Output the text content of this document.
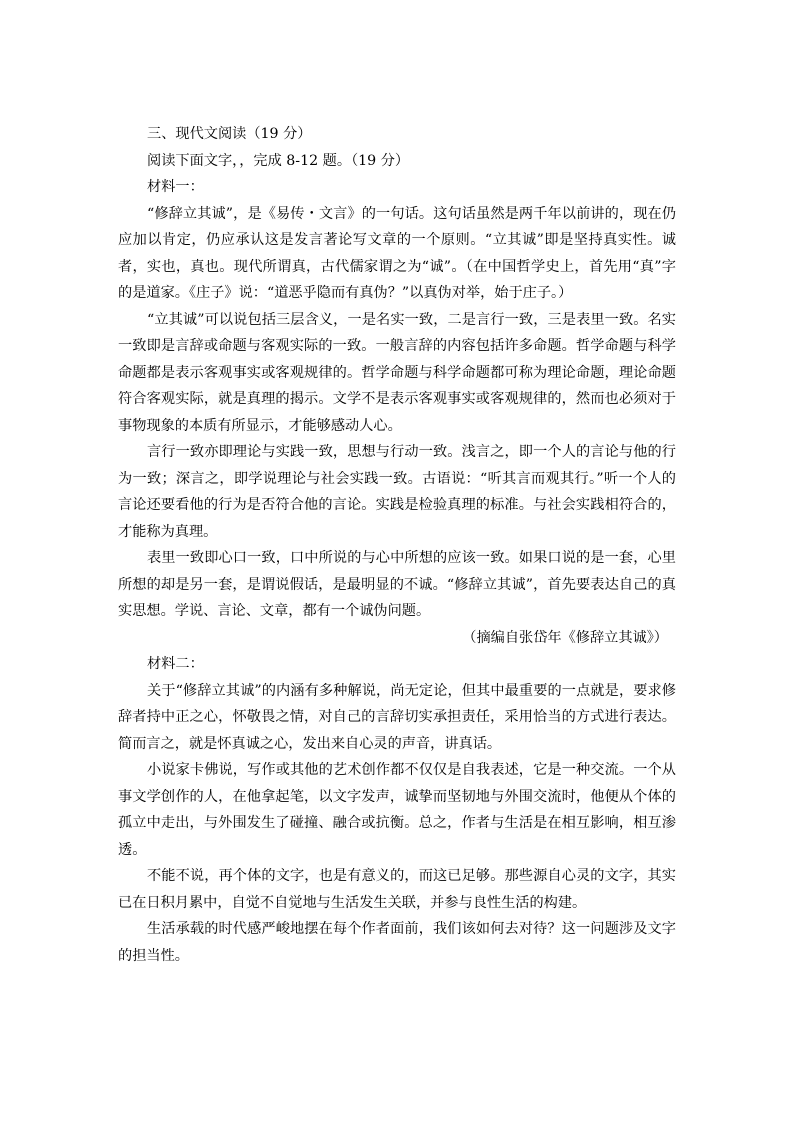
三、现代文阅读（19 分）

阅读下面文字，，完成 8-12 题。（19 分）

材料一：

“修辞立其诚”，是《易传・文言》的一句话。这句话虽然是两千年以前讲的，现在仍应加以肯定，仍应承认这是发言著论写文章的一个原则。“立其诚”即是坚持真实性。诚者，实也，真也。现代所谓真，古代儒家谓之为“诚”。（在中国哲学史上，首先用“真”字的是道家。《庄子》说：“道恶乎隐而有真伪？”以真伪对举，始于庄子。）

“立其诚”可以说包括三层含义，一是名实一致，二是言行一致，三是表里一致。名实一致即是言辞或命题与客观实际的一致。一般言辞的内容包括许多命题。哲学命题与科学命题都是表示客观事实或客观规律的。哲学命题与科学命题都可称为理论命题，理论命题符合客观实际，就是真理的揭示。文学不是表示客观事实或客观规律的，然而也必须对于事物现象的本质有所显示，才能够感动人心。

言行一致亦即理论与实践一致，思想与行动一致。浅言之，即一个人的言论与他的行为一致；深言之，即学说理论与社会实践一致。古语说：“听其言而观其行。”听一个人的言论还要看他的行为是否符合他的言论。实践是检验真理的标准。与社会实践相符合的，才能称为真理。

表里一致即心口一致，口中所说的与心中所想的应该一致。如果口说的是一套，心里所想的却是另一套，是谓说假话，是最明显的不诚。“修辞立其诚”，首先要表达自己的真实思想。学说、言论、文章，都有一个诚伪问题。

（摘编自张岱年《修辞立其诚》）

材料二：

关于“修辞立其诚”的内涵有多种解说，尚无定论，但其中最重要的一点就是，要求修辞者持中正之心，怀敬畏之情，对自己的言辞切实承担责任，采用恰当的方式进行表达。简而言之，就是怀真诚之心，发出来自心灵的声音，讲真话。

小说家卡佛说，写作或其他的艺术创作都不仅仅是自我表述，它是一种交流。一个从事文学创作的人，在他拿起笔，以文字发声，诚挚而坚韧地与外围交流时，他便从个体的孤立中走出，与外围发生了碰撞、融合或抗衡。总之，作者与生活是在相互影响，相互渗透。

不能不说，再个体的文字，也是有意义的，而这已足够。那些源自心灵的文字，其实已在日积月累中，自觉不自觉地与生活发生关联，并参与良性生活的构建。

生活承载的时代感严峻地摆在每个作者面前，我们该如何去对待？这一问题涉及文字的担当性。
